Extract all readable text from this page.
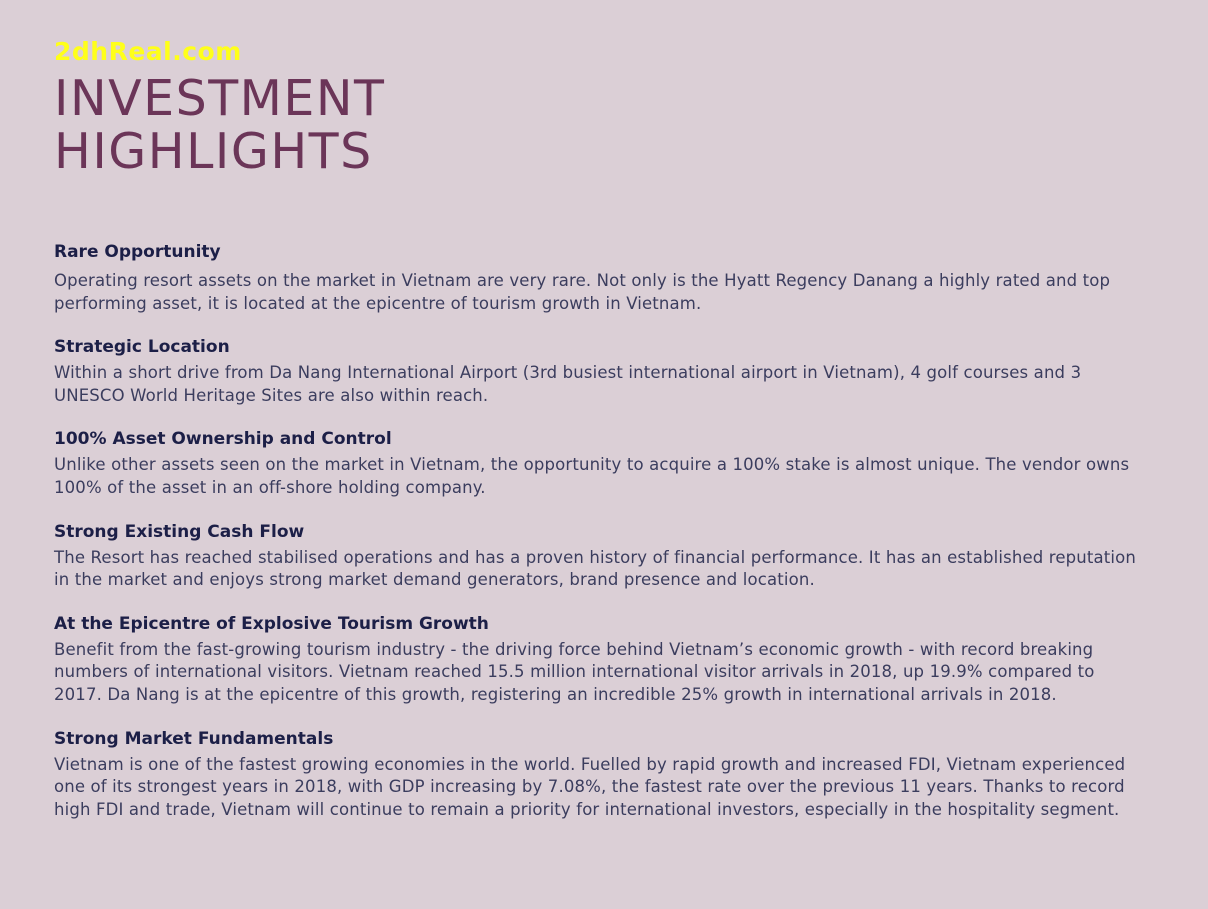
2dhReal.com
INVESTMENT
HIGHLIGHTS
Rare Opportunity

Operating resort assets on the market in Vietnam are very rare. Not only is the Hyatt Regency Danang a highly rated and top performing asset, it is located at the epicentre of tourism growth in Vietnam.

Strategic Location

Within a short drive from Da Nang International Airport (3rd busiest international airport in Vietnam), 4 golf courses and 3 UNESCO World Heritage Sites are also within reach.

100% Asset Ownership and Control

Unlike other assets seen on the market in Vietnam, the opportunity to acquire a 100% stake is almost unique. The vendor owns 100% of the asset in an off-shore holding company.

Strong Existing Cash Flow

The Resort has reached stabilised operations and has a proven history of financial performance. It has an established reputation in the market and enjoys strong market demand generators, brand presence and location.

At the Epicentre of Explosive Tourism Growth

Benefit from the fast-growing tourism industry - the driving force behind Vietnam’s economic growth - with record breaking numbers of international visitors. Vietnam reached 15.5 million international visitor arrivals in 2018, up 19.9% compared to 2017. Da Nang is at the epicentre of this growth, registering an incredible 25% growth in international arrivals in 2018.

Strong Market Fundamentals

Vietnam is one of the fastest growing economies in the world. Fuelled by rapid growth and increased FDI, Vietnam experienced one of its strongest years in 2018, with GDP increasing by 7.08%, the fastest rate over the previous 11 years. Thanks to record high FDI and trade, Vietnam will continue to remain a priority for international investors, especially in the hospitality segment.
